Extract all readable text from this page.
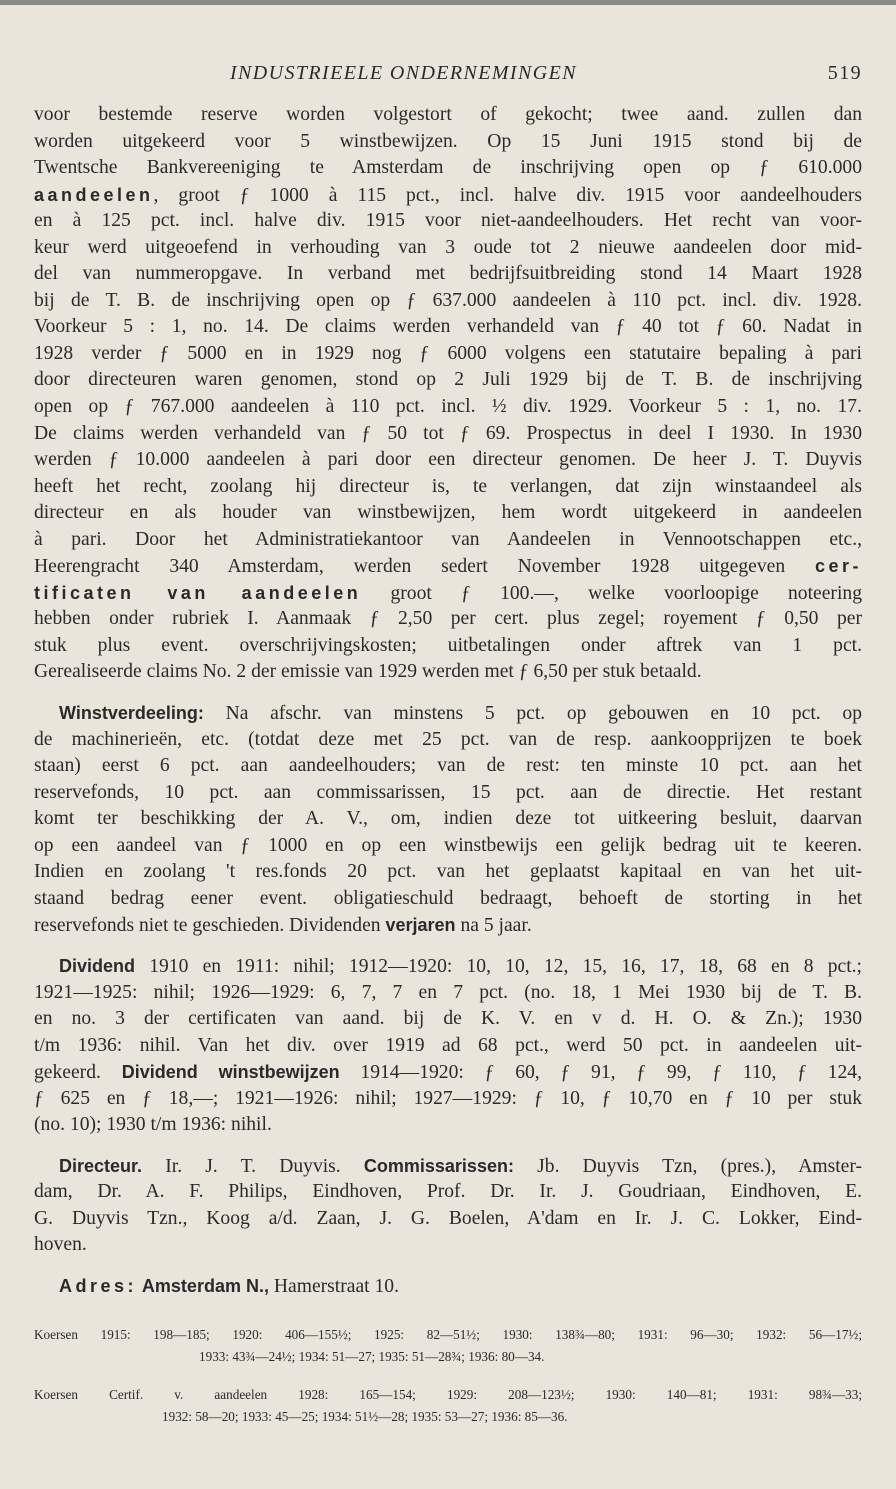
INDUSTRIEELE ONDERNEMINGEN	519
voor bestemde reserve worden volgestort of gekocht; twee aand. zullen dan
worden uitgekeerd voor 5 winstbewijzen. Op 15 Juni 1915 stond bij de
Twentsche Bankvereeniging te Amsterdam de inschrijving open op ƒ 610.000
aandeelen, groot ƒ 1000 à 115 pct., incl. halve div. 1915 voor aandeelhouders
en à 125 pct. incl. halve div. 1915 voor niet-aandeelhouders. Het recht van voor-
keur werd uitgeoefend in verhouding van 3 oude tot 2 nieuwe aandeelen door mid-
del van nummeropgave. In verband met bedrijfsuitbreiding stond 14 Maart 1928
bij de T. B. de inschrijving open op ƒ 637.000 aandeelen à 110 pct. incl. div. 1928.
Voorkeur 5 : 1, no. 14. De claims werden verhandeld van ƒ 40 tot ƒ 60. Nadat in
1928 verder ƒ 5000 en in 1929 nog ƒ 6000 volgens een statutaire bepaling à pari
door directeuren waren genomen, stond op 2 Juli 1929 bij de T. B. de inschrijving
open op ƒ 767.000 aandeelen à 110 pct. incl. ½ div. 1929. Voorkeur 5 : 1, no. 17.
De claims werden verhandeld van ƒ 50 tot ƒ 69. Prospectus in deel I 1930. In 1930
werden ƒ 10.000 aandeelen à pari door een directeur genomen. De heer J. T. Duyvis
heeft het recht, zoolang hij directeur is, te verlangen, dat zijn winstaandeel als
directeur en als houder van winstbewijzen, hem wordt uitgekeerd in aandeelen
à pari. Door het Administratiekantoor van Aandeelen in Vennootschappen etc.,
Heerengracht 340 Amsterdam, werden sedert November 1928 uitgegeven cer-
tificaten van aandeelen groot ƒ 100.—, welke voorloopige noteering
hebben onder rubriek I. Aanmaak ƒ 2,50 per cert. plus zegel; royement ƒ 0,50 per
stuk plus event. overschrijvingskosten; uitbetalingen onder aftrek van 1 pct.
Gerealiseerde claims No. 2 der emissie van 1929 werden met ƒ 6,50 per stuk betaald.
Winstverdeeling: Na afschr. van minstens 5 pct. op gebouwen en 10 pct. op
de machinerieën, etc. (totdat deze met 25 pct. van de resp. aankoopprijzen te boek
staan) eerst 6 pct. aan aandeelhouders; van de rest: ten minste 10 pct. aan het
reservefonds, 10 pct. aan commissarissen, 15 pct. aan de directie. Het restant
komt ter beschikking der A. V., om, indien deze tot uitkeering besluit, daarvan
op een aandeel van ƒ 1000 en op een winstbewijs een gelijk bedrag uit te keeren.
Indien en zoolang 't res.fonds 20 pct. van het geplaatst kapitaal en van het uit-
staand bedrag eener event. obligatieschuld bedraagt, behoeft de storting in het
reservefonds niet te geschieden. Dividenden verjaren na 5 jaar.
Dividend 1910 en 1911: nihil; 1912—1920: 10, 10, 12, 15, 16, 17, 18, 68 en 8 pct.;
1921—1925: nihil; 1926—1929: 6, 7, 7 en 7 pct. (no. 18, 1 Mei 1930 bij de T. B.
en no. 3 der certificaten van aand. bij de K. V. en v d. H. O. & Zn.); 1930
t/m 1936: nihil. Van het div. over 1919 ad 68 pct., werd 50 pct. in aandeelen uit-
gekeerd. Dividend winstbewijzen 1914—1920: ƒ 60, ƒ 91, ƒ 99, ƒ 110, ƒ 124,
ƒ 625 en ƒ 18,—; 1921—1926: nihil; 1927—1929: ƒ 10, ƒ 10,70 en ƒ 10 per stuk
(no. 10); 1930 t/m 1936: nihil.
Directeur. Ir. J. T. Duyvis. Commissarissen: Jb. Duyvis Tzn, (pres.), Amster-
dam, Dr. A. F. Philips, Eindhoven, Prof. Dr. Ir. J. Goudriaan, Eindhoven, E.
G. Duyvis Tzn., Koog a/d. Zaan, J. G. Boelen, A'dam en Ir. J. C. Lokker, Eind-
hoven.
Adres: Amsterdam N., Hamerstraat 10.
Koersen 1915: 198—185; 1920: 406—155½; 1925: 82—51½; 1930: 138¾—80; 1931: 96—30; 1932: 56—17½;
1933: 43¾—24½; 1934: 51—27; 1935: 51—28¾; 1936: 80—34.
Koersen Certif. v. aandeelen 1928: 165—154; 1929: 208—123½; 1930: 140—81; 1931: 98¾—33;
1932: 58—20; 1933: 45—25; 1934: 51½—28; 1935: 53—27; 1936: 85—36.
